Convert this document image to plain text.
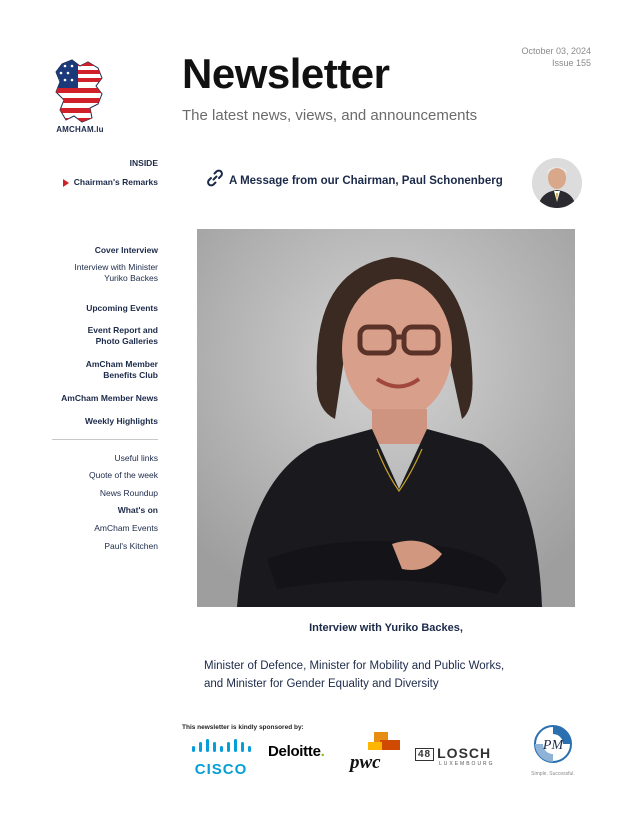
AMCHAM.lu
Newsletter
The latest news, views, and announcements
October 03, 2024
Issue 155
INSIDE
Chairman's Remarks
Cover Interview
Interview with Minister Yuriko Backes
Upcoming Events
Event Report and Photo Galleries
AmCham Member Benefits Club
AmCham Member News
Weekly Highlights
Useful links
Quote of the week
News Roundup
What's on
AmCham Events
Paul's Kitchen
A Message from our Chairman, Paul Schonenberg
Interview with Yuriko Backes,
Minister of Defence, Minister for Mobility and Public Works,
and Minister for Gender Equality and Diversity
This newsletter is kindly sponsored by:
CISCO
Deloitte.
pwc	48 LOSCH
LUXEMBOURG
PM
Simple. Successful.
